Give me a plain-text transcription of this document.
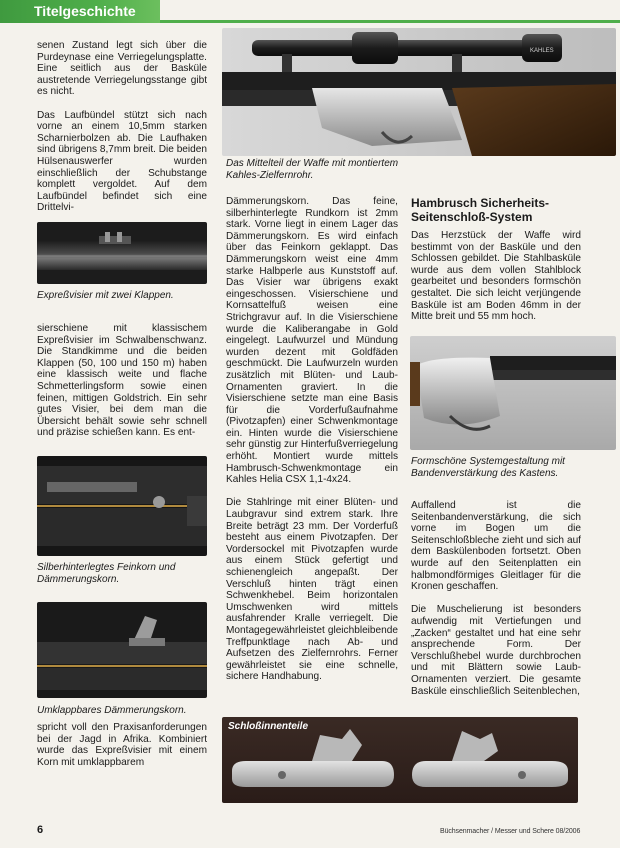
Titelgeschichte

senen Zustand legt sich über die Purdeynase eine Verriegelungsplatte. Eine seitlich aus der Basküle austretende Verriegelungsstange gibt es nicht.

Das Laufbündel stützt sich nach vorne an einem 10,5mm starken Scharnierbolzen ab. Die Laufhaken sind übrigens 8,7mm breit. Die beiden Hülsenauswerfer wurden einschließlich der Schubstange komplett vergoldet. Auf dem Laufbündel befindet sich eine Drittelvi-

Expreßvisier mit zwei Klappen.

sierschiene mit klassischem Expreßvisier im Schwalbenschwanz. Die Standkimme und die beiden Klappen (50, 100 und 150 m) haben eine klassisch weite und flache Schmetterlingsform sowie einen feinen, mittigen Goldstrich. Ein sehr gutes Visier, bei dem man die Übersicht behält sowie sehr schnell und präzise schießen kann. Es ent-

Silberhinterlegtes Feinkorn und Dämmerungskorn.
Umklappbares Dämmerungskorn.

spricht voll den Praxisanforderungen bei der Jagd in Afrika. Kombiniert wurde das Expreßvisier mit einem Korn mit umklappbarem

KAHLES
Das Mittelteil der Waffe mit montiertem Kahles-Zielfernrohr.

Dämmerungskorn. Das feine, silberhinterlegte Rundkorn ist 2mm stark. Vorne liegt in einem Lager das Dämmerungskorn. Es wird einfach über das Feinkorn geklappt. Das Dämmerungskorn weist eine 4mm starke Halbperle aus Kunststoff auf. Das Visier war übrigens exakt eingeschossen. Visierschiene und Kornsattelfuß weisen eine Strichgravur auf. In die Visierschiene wurde die Kaliberangabe in Gold eingelegt. Laufwurzel und Mündung wurden dezent mit Goldfäden geschmückt. Die Laufwurzeln wurden zusätzlich mit Blüten- und Laub-Ornamenten graviert. In die Visierschiene setzte man eine Basis für die Vorderfußaufnahme (Pivotzapfen) einer Schwenkmontage ein. Hinten wurde die Visierschiene sehr günstig zur Hinterfußverriegelung erhöht. Montiert wurde mittels Hambrusch-Schwenkmontage ein Kahles Helia CSX 1,1-4x24.

Die Stahlringe mit einer Blüten- und Laubgravur sind extrem stark. Ihre Breite beträgt 23 mm. Der Vorderfuß besteht aus einem Pivotzapfen. Der Vordersockel mit Pivotzapfen wurde aus einem Stück gefertigt und schienengleich angepaßt. Der Verschluß hinten trägt einen Schwenkhebel. Beim horizontalen Umschwenken wird mittels ausfahrender Kralle verriegelt. Die Montagegewährleistet gleichbleibende Treffpunktlage nach Ab- und Aufsetzen des Zielfernrohrs. Ferner gewährleistet sie eine schnelle, sichere Handhabung.

Hambrusch Sicherheits-Seitenschloß-System

Das Herzstück der Waffe wird bestimmt von der Basküle und den Schlossen gebildet. Die Stahlbasküle wurde aus dem vollen Stahlblock gearbeitet und besonders formschön gestaltet. Die sich leicht verjüngende Basküle ist am Boden 46mm in der Mitte breit und 55 mm hoch.

Formschöne Systemgestaltung mit Bandenverstärkung des Kastens.

Auffallend ist die Seitenbandenverstärkung, die sich vorne im Bogen um die Seitenschloßbleche zieht und sich auf dem Baskülenboden fortsetzt. Oben wurde auf den Seitenplatten ein halbmondförmiges Gleitlager für die Kronen geschaffen.

Die Muschelierung ist besonders aufwendig mit Vertiefungen und „Zacken“ gestaltet und hat eine sehr ansprechende Form. Der Verschlußhebel wurde durchbrochen und mit Blättern sowie Laub-Ornamenten verziert. Die gesamte Basküle einschließlich Seitenblechen,

Schloßinnenteile
6	Büchsenmacher / Messer und Schere 08/2006
